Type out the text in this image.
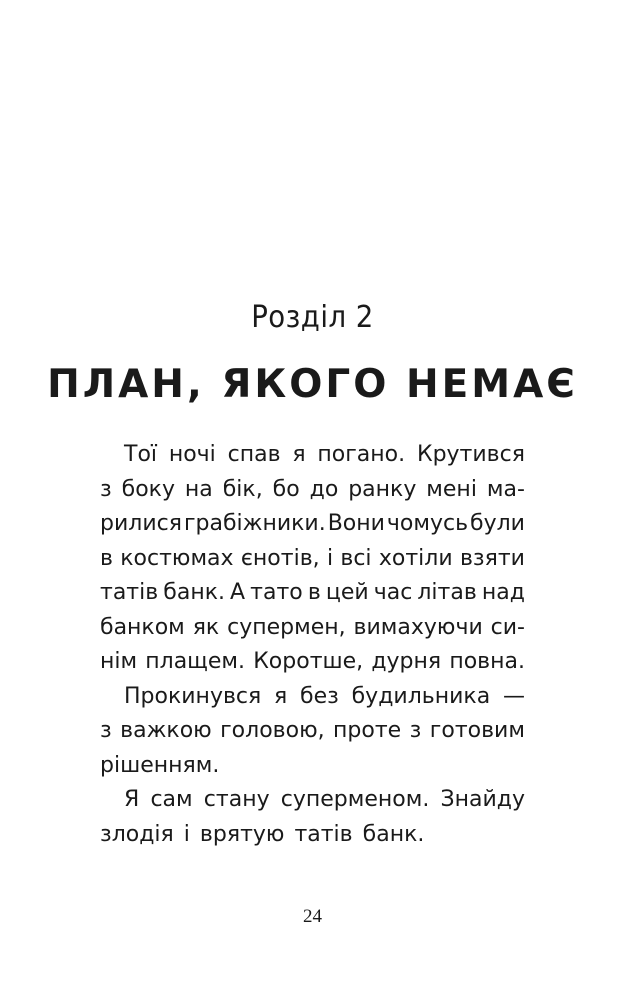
Розділ 2
ПЛАН, ЯКОГО НЕМАЄ
Тої ночі спав я погано. Крутився
з боку на бік, бо до ранку мені ма-
рилися грабіжники. Вони чомусь були
в костюмах єнотів, і всі хотіли взяти
татів банк. А тато в цей час літав над
банком як супермен, вимахуючи си-
нім плащем. Коротше, дурня повна.
Прокинувся я без будильника —
з важкою головою, проте з готовим
рішенням.
Я сам стану суперменом. Знайду
злодія і врятую татів банк.
24
